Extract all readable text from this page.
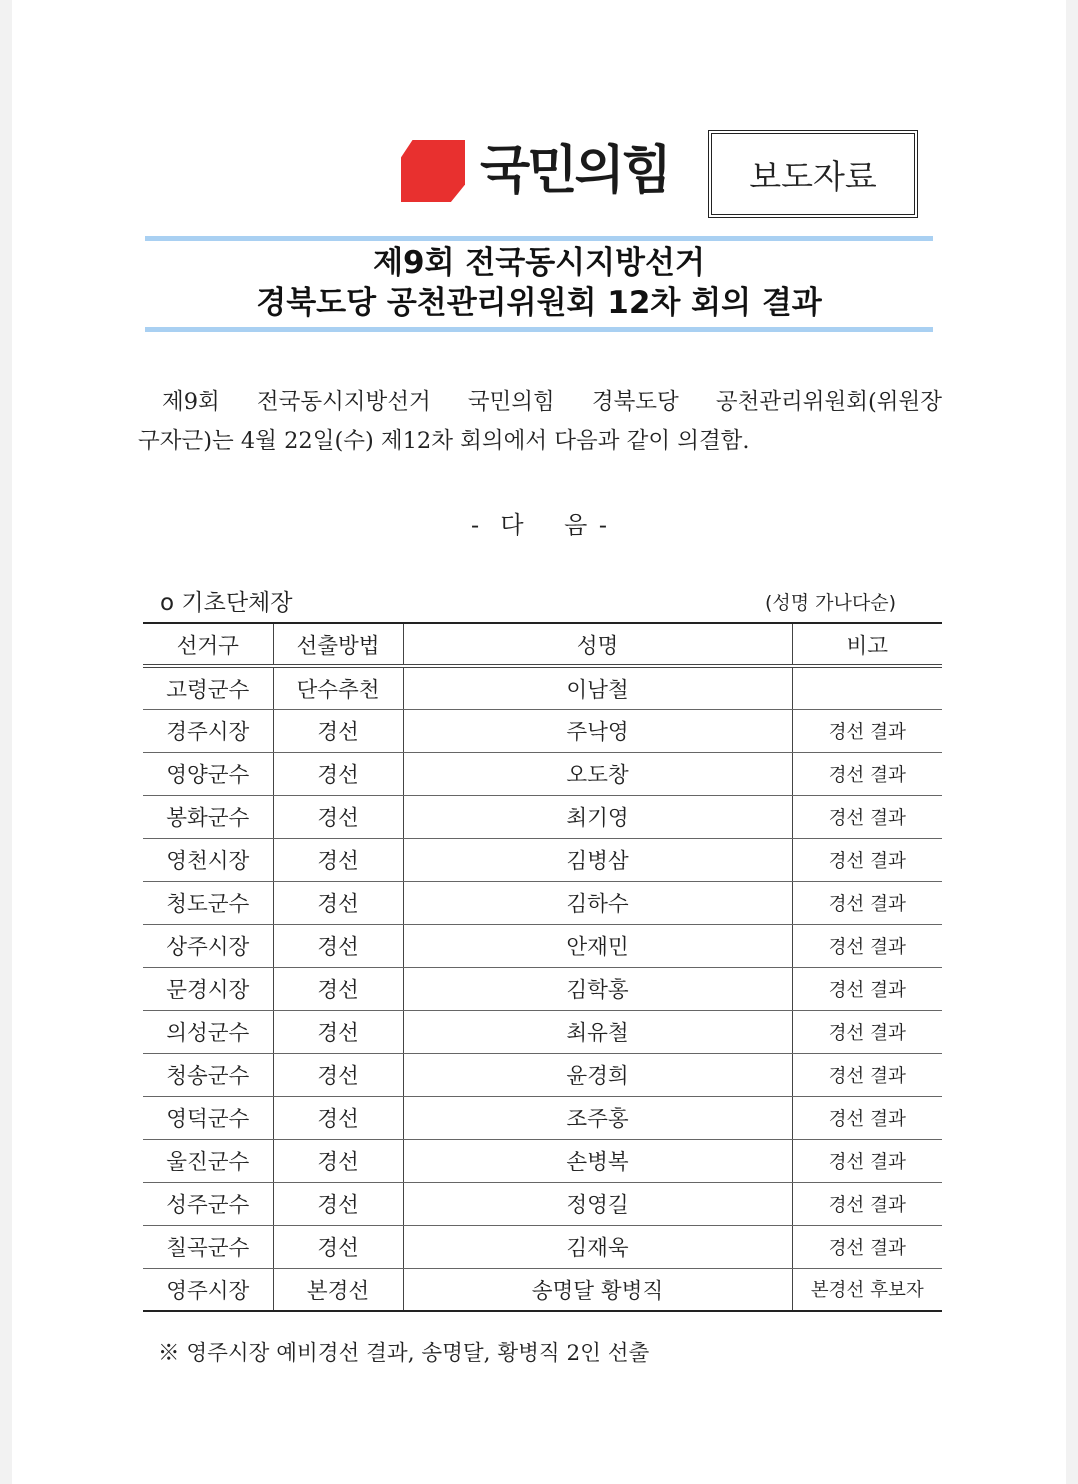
국민의힘	보도자료
제9회 전국동시지방선거
경북도당 공천관리위원회 12차 회의 결과
제9회 전국동시지방선거 국민의힘 경북도당 공천관리위원회(위원장
구자근)는 4월 22일(수) 제12차 회의에서 다음과 같이 의결함.
-  다    음 -
o 기초단체장	(성명 가나다순)
선거구	선출방법	성명	비고
고령군수	단수추천	이남철	
경주시장	경선	주낙영	경선 결과
영양군수	경선	오도창	경선 결과
봉화군수	경선	최기영	경선 결과
영천시장	경선	김병삼	경선 결과
청도군수	경선	김하수	경선 결과
상주시장	경선	안재민	경선 결과
문경시장	경선	김학홍	경선 결과
의성군수	경선	최유철	경선 결과
청송군수	경선	윤경희	경선 결과
영덕군수	경선	조주홍	경선 결과
울진군수	경선	손병복	경선 결과
성주군수	경선	정영길	경선 결과
칠곡군수	경선	김재욱	경선 결과
영주시장	본경선	송명달 황병직	본경선 후보자
※ 영주시장 예비경선 결과, 송명달, 황병직 2인 선출
